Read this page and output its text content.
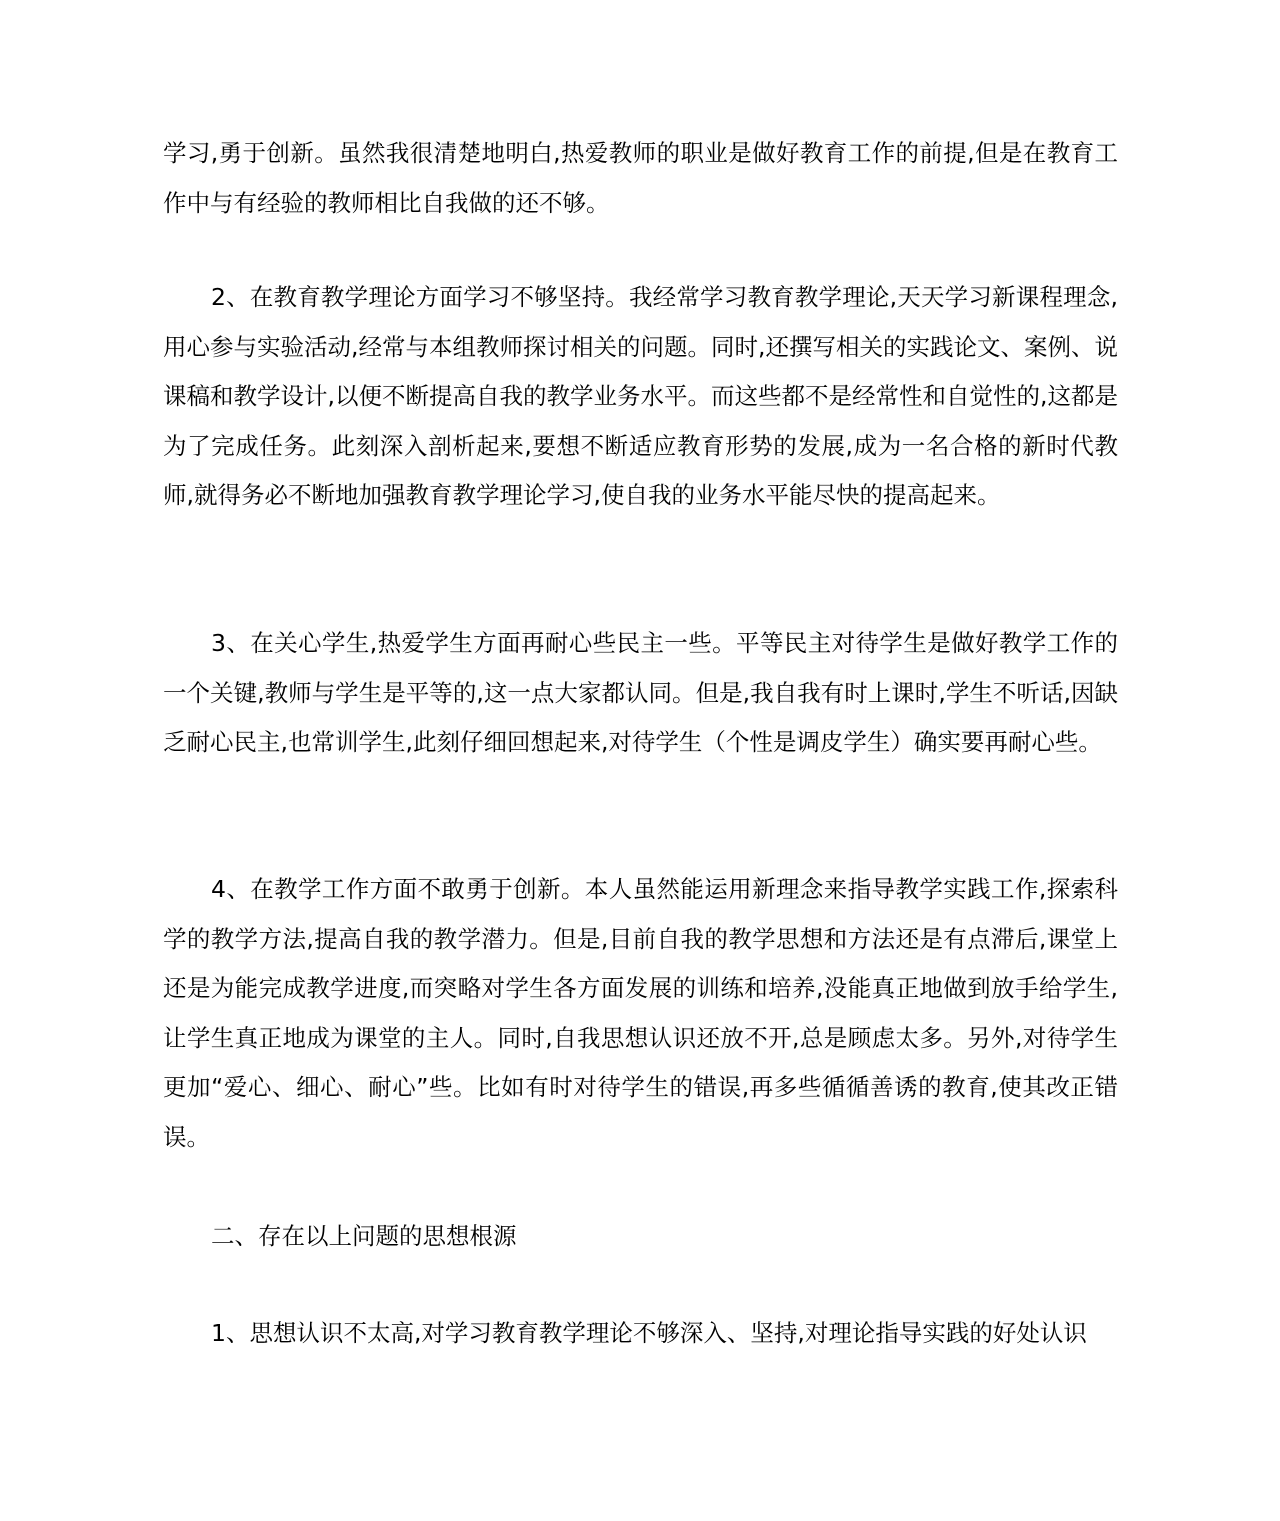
学习,勇于创新。虽然我很清楚地明白,热爱教师的职业是做好教育工作的前提,但是在教育工作中与有经验的教师相比自我做的还不够。

2、在教育教学理论方面学习不够坚持。我经常学习教育教学理论,天天学习新课程理念,用心参与实验活动,经常与本组教师探讨相关的问题。同时,还撰写相关的实践论文、案例、说课稿和教学设计,以便不断提高自我的教学业务水平。而这些都不是经常性和自觉性的,这都是为了完成任务。此刻深入剖析起来,要想不断适应教育形势的发展,成为一名合格的新时代教师,就得务必不断地加强教育教学理论学习,使自我的业务水平能尽快的提高起来。

3、在关心学生,热爱学生方面再耐心些民主一些。平等民主对待学生是做好教学工作的一个关键,教师与学生是平等的,这一点大家都认同。但是,我自我有时上课时,学生不听话,因缺乏耐心民主,也常训学生,此刻仔细回想起来,对待学生（个性是调皮学生）确实要再耐心些。

4、在教学工作方面不敢勇于创新。本人虽然能运用新理念来指导教学实践工作,探索科学的教学方法,提高自我的教学潜力。但是,目前自我的教学思想和方法还是有点滞后,课堂上还是为能完成教学进度,而突略对学生各方面发展的训练和培养,没能真正地做到放手给学生,让学生真正地成为课堂的主人。同时,自我思想认识还放不开,总是顾虑太多。另外,对待学生更加“爱心、细心、耐心”些。比如有时对待学生的错误,再多些循循善诱的教育,使其改正错误。

二、存在以上问题的思想根源

1、思想认识不太高,对学习教育教学理论不够深入、坚持,对理论指导实践的好处认识
